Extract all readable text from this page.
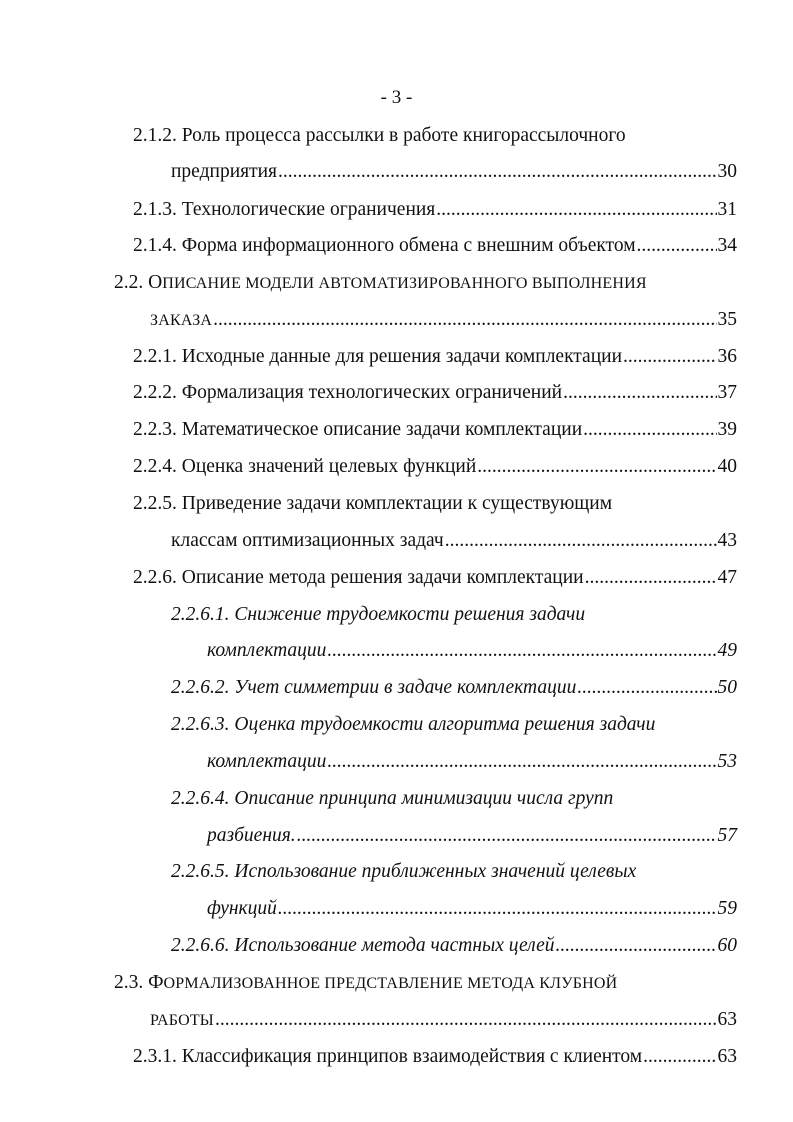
- 3 -
2.1.2. Роль процесса рассылки в работе книгорассылочного
предприятия .....	30
2.1.3. Технологические ограничения .....	31
2.1.4. Форма информационного обмена с внешним объектом .....	34
2.2. ОПИСАНИЕ МОДЕЛИ АВТОМАТИЗИРОВАННОГО ВЫПОЛНЕНИЯ
ЗАКАЗА .....	35
2.2.1. Исходные данные для решения задачи комплектации .....	36
2.2.2. Формализация технологических ограничений .....	37
2.2.3. Математическое описание задачи комплектации .....	39
2.2.4. Оценка значений целевых функций .....	40
2.2.5. Приведение задачи комплектации к существующим
классам оптимизационных задач .....	43
2.2.6. Описание метода решения задачи комплектации .....	47
2.2.6.1. Снижение трудоемкости решения задачи
комплектации .....	49
2.2.6.2. Учет симметрии в задаче комплектации .....	50
2.2.6.3. Оценка трудоемкости алгоритма решения задачи
комплектации .....	53
2.2.6.4. Описание принципа минимизации числа групп
разбиения. .....	57
2.2.6.5. Использование приближенных значений целевых
функций .....	59
2.2.6.6. Использование метода частных целей .....	60
2.3. ФОРМАЛИЗОВАННОЕ ПРЕДСТАВЛЕНИЕ МЕТОДА КЛУБНОЙ
РАБОТЫ .....	63
2.3.1. Классификация принципов взаимодействия с клиентом .....	63
